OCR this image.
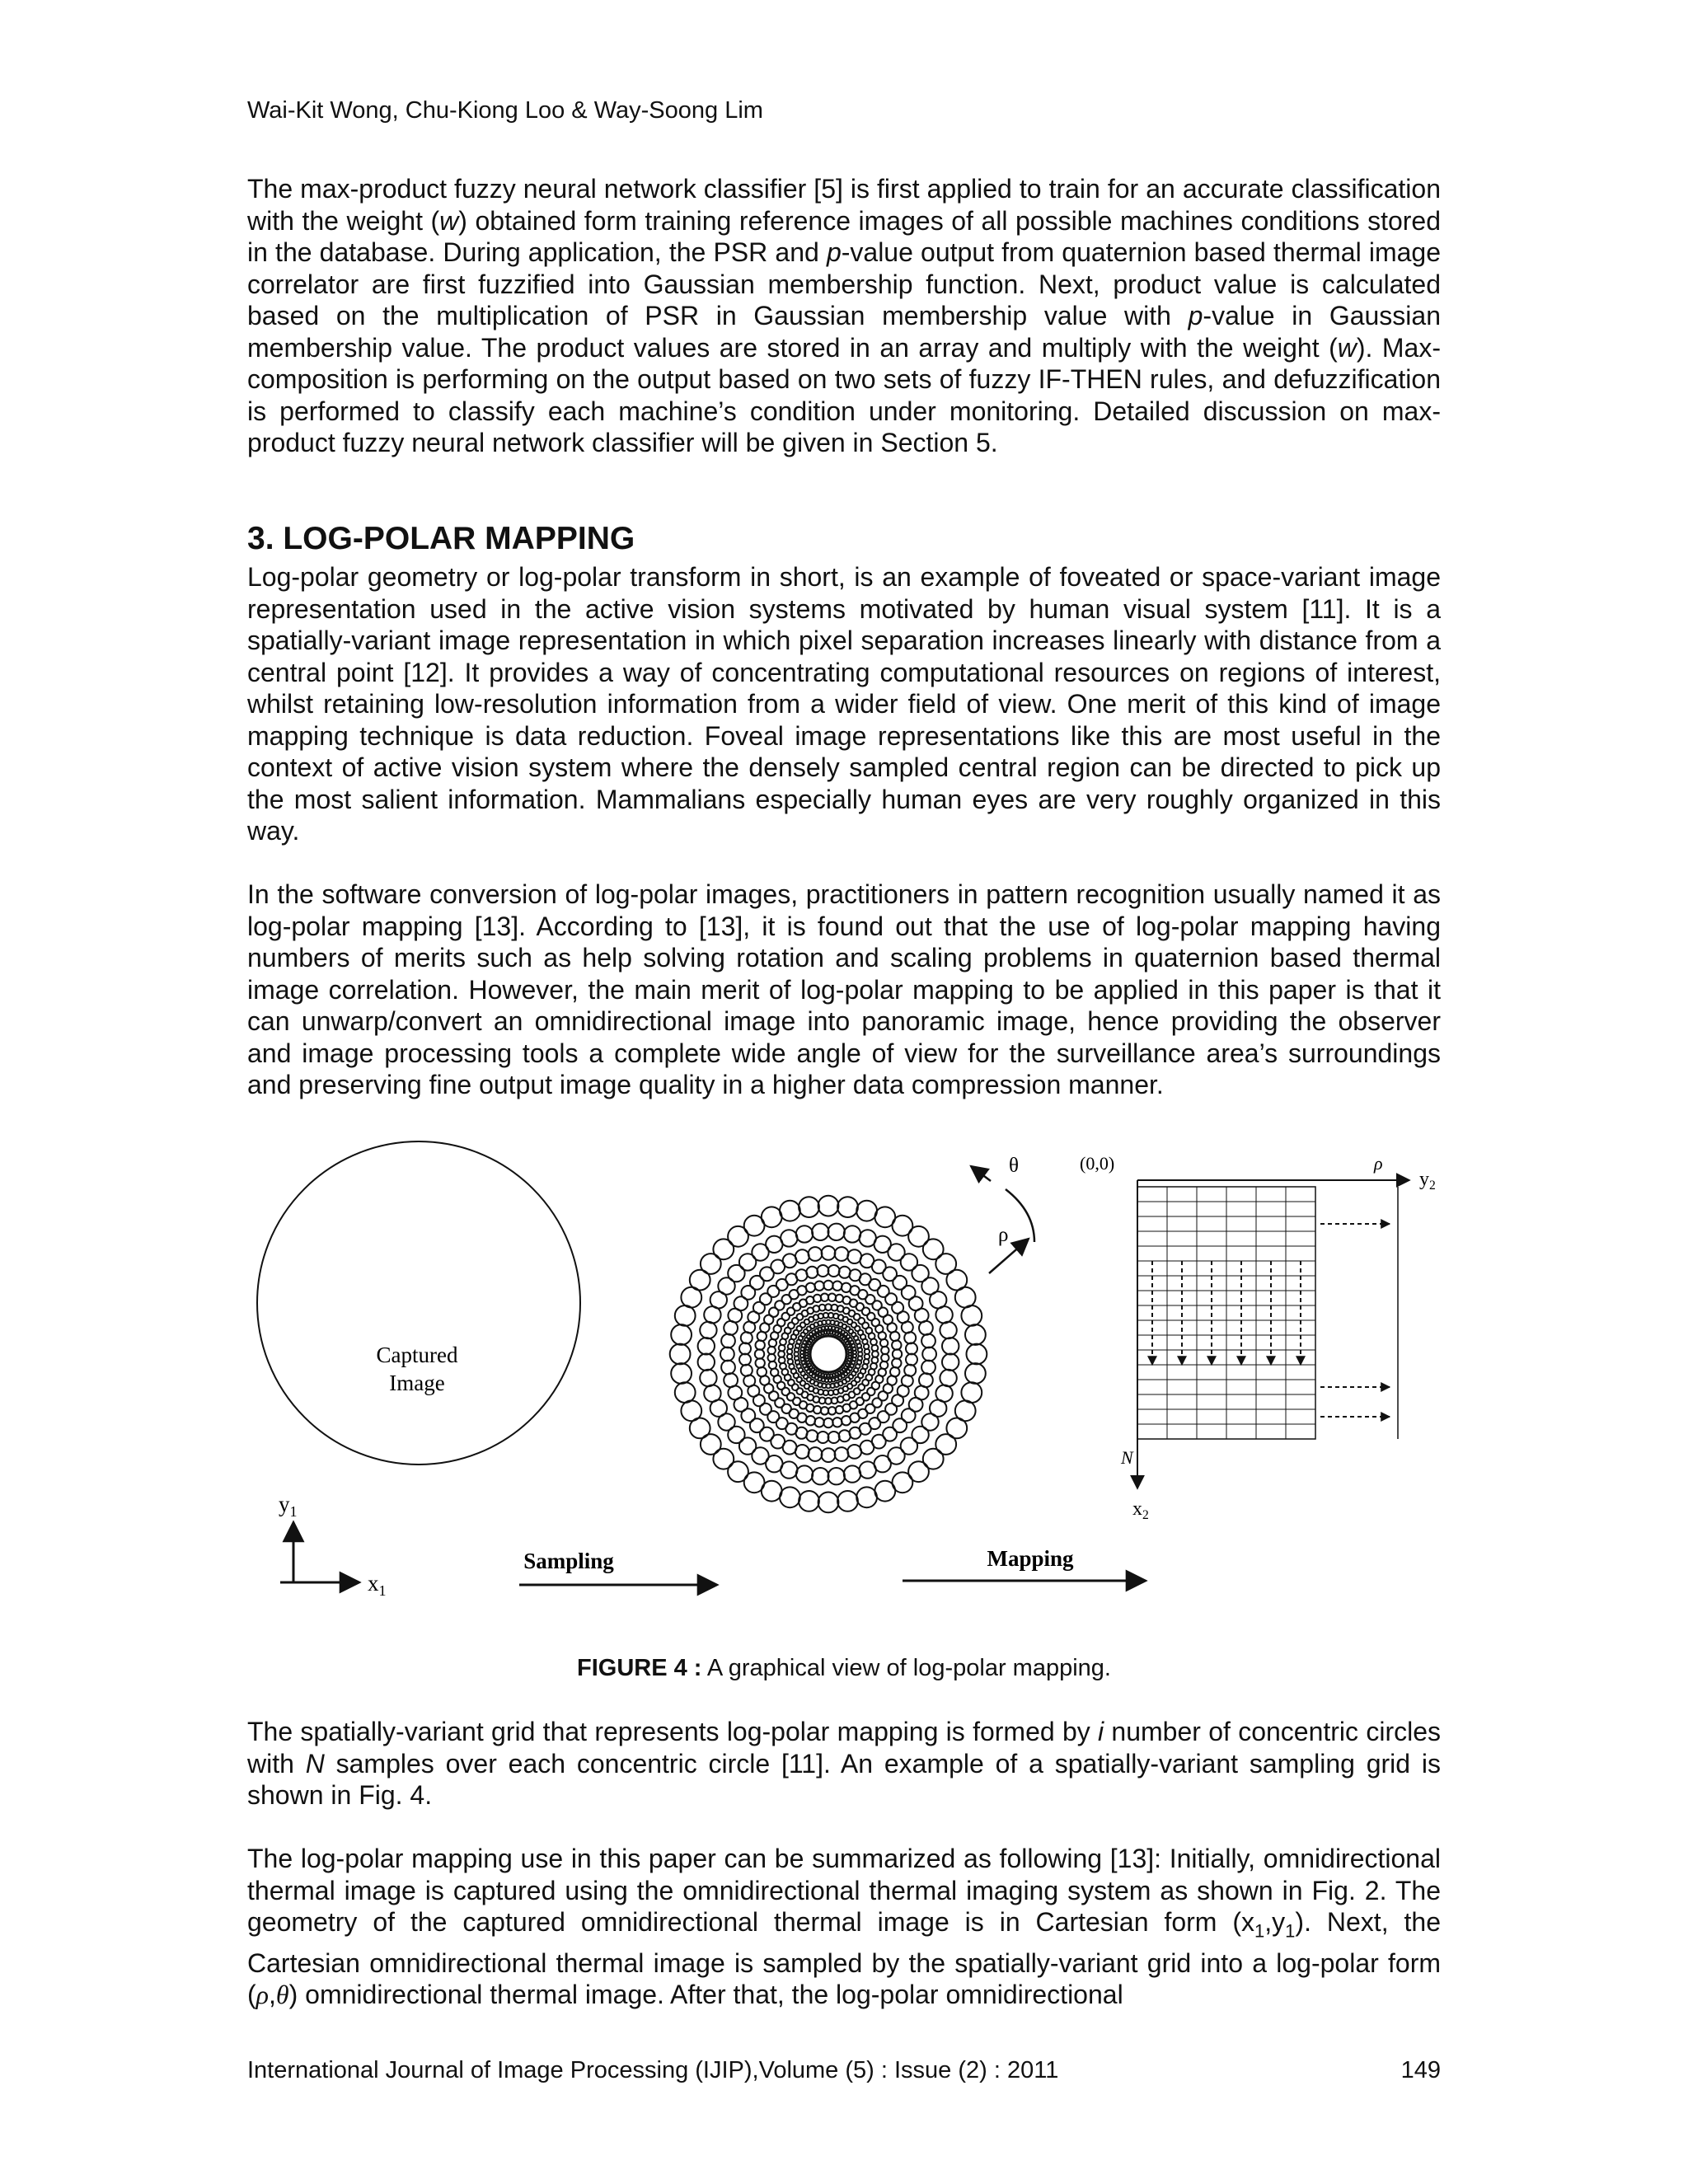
Wai-Kit Wong, Chu-Kiong Loo & Way-Soong Lim

The max-product fuzzy neural network classifier [5] is first applied to train for an accurate classification with the weight (w) obtained form training reference images of all possible machines conditions stored in the database. During application, the PSR and p-value output from quaternion based thermal image correlator are first fuzzified into Gaussian membership function. Next, product value is calculated based on the multiplication of PSR in Gaussian membership value with p-value in Gaussian membership value. The product values are stored in an array and multiply with the weight (w). Max-composition is performing on the output based on two sets of fuzzy IF-THEN rules, and defuzzification is performed to classify each machine’s condition under monitoring. Detailed discussion on max-product fuzzy neural network classifier will be given in Section 5.

3. LOG-POLAR MAPPING

Log-polar geometry or log-polar transform in short, is an example of foveated or space-variant image representation used in the active vision systems motivated by human visual system [11]. It is a spatially-variant image representation in which pixel separation increases linearly with distance from a central point [12]. It provides a way of concentrating computational resources on regions of interest, whilst retaining low-resolution information from a wider field of view. One merit of this kind of image mapping technique is data reduction. Foveal image representations like this are most useful in the context of active vision system where the densely sampled central region can be directed to pick up the most salient information. Mammalians especially human eyes are very roughly organized in this way.

In the software conversion of log-polar images, practitioners in pattern recognition usually named it as log-polar mapping [13]. According to [13], it is found out that the use of log-polar mapping having numbers of merits such as help solving rotation and scaling problems in quaternion based thermal image correlation. However, the main merit of log-polar mapping to be applied in this paper is that it can unwarp/convert an omnidirectional image into panoramic image, hence providing the observer and image processing tools a complete wide angle of view for the surveillance area’s surroundings and preserving fine output image quality in a higher data compression manner.

Captured
Image
$y_1$
$x_1$
Sampling
θ
ρ
Mapping
$y_2$
N
$x_2$
(0,0)	ρ
FIGURE 4 : A graphical view of log-polar mapping.

The spatially-variant grid that represents log-polar mapping is formed by i number of concentric circles with N samples over each concentric circle [11]. An example of a spatially-variant sampling grid is shown in Fig. 4.

The log-polar mapping use in this paper can be summarized as following [13]: Initially, omnidirectional thermal image is captured using the omnidirectional thermal imaging system as shown in Fig. 2. The geometry of the captured omnidirectional thermal image is in Cartesian form $(x_1,y_1)$. Next, the Cartesian omnidirectional thermal image is sampled by the spatially-variant grid into a log-polar form (ρ,θ) omnidirectional thermal image. After that, the log-polar omnidirectional

International Journal of Image Processing (IJIP),Volume (5) : Issue (2) : 2011	149
